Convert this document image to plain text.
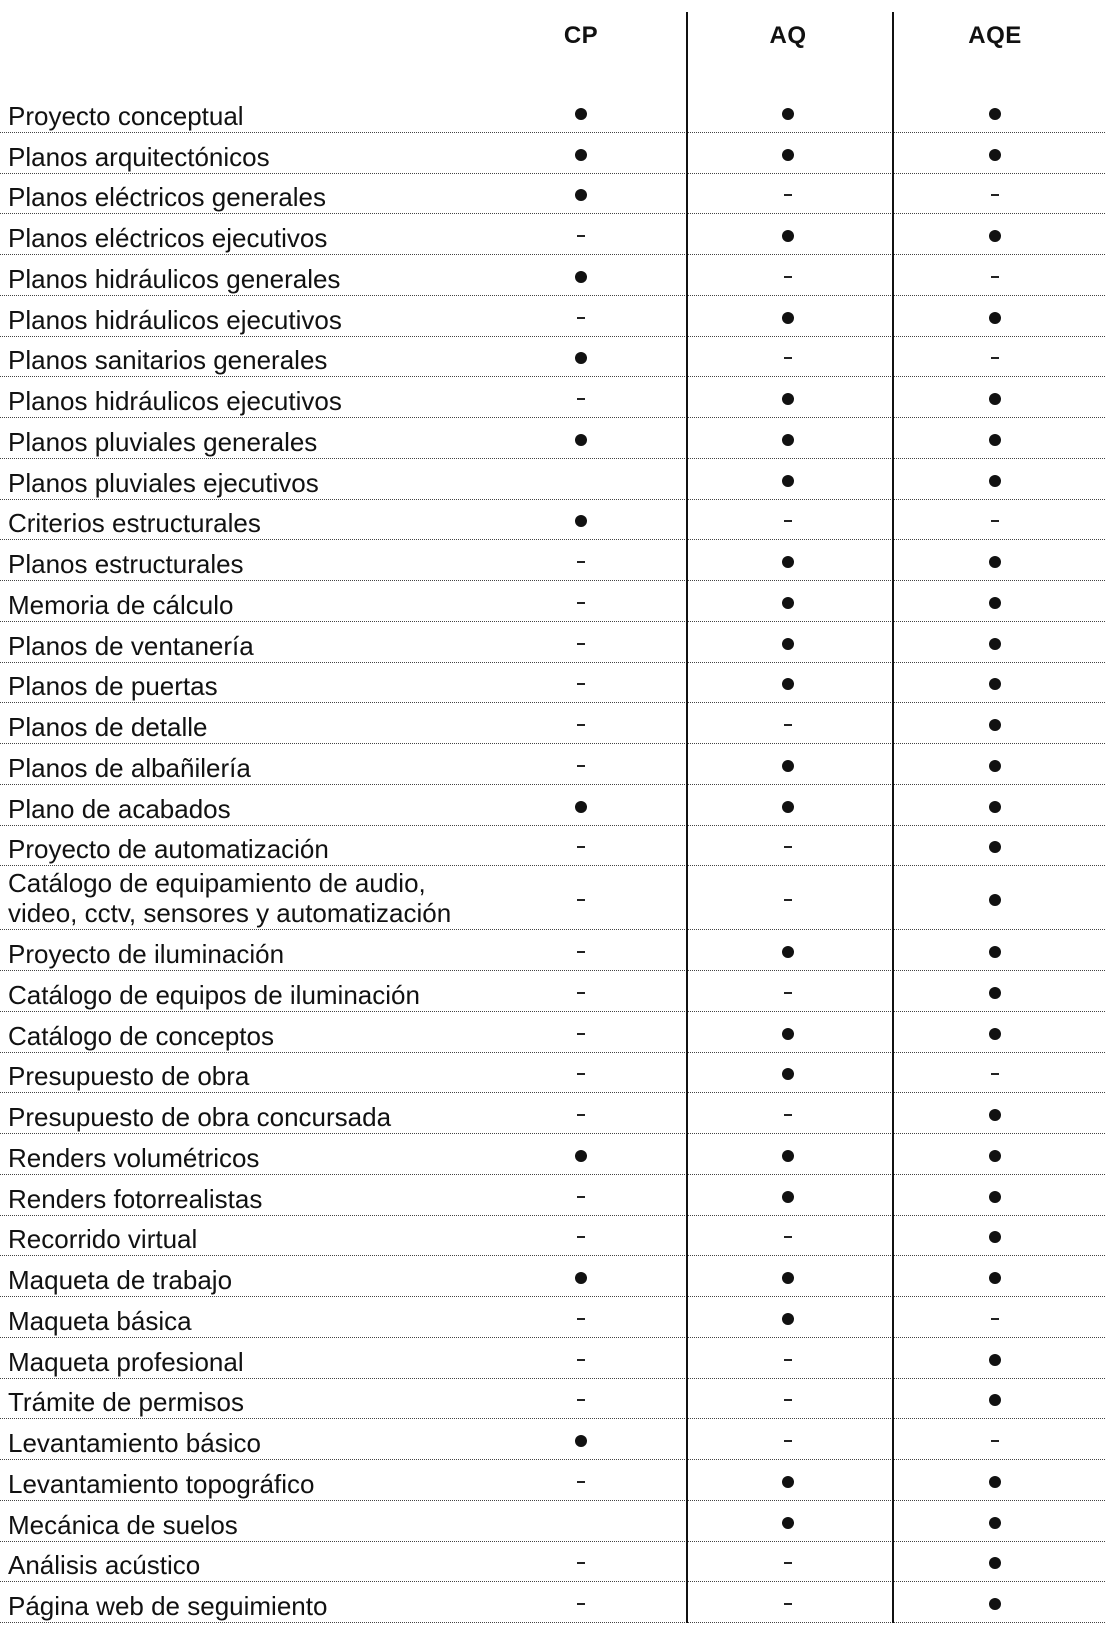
CP	AQ	AQE
Proyecto conceptual
Planos arquitectónicos
Planos eléctricos generales
Planos eléctricos ejecutivos
Planos hidráulicos generales
Planos hidráulicos ejecutivos
Planos sanitarios generales
Planos hidráulicos ejecutivos
Planos pluviales generales
Planos pluviales ejecutivos
Criterios estructurales
Planos estructurales
Memoria de cálculo
Planos de ventanería
Planos de puertas
Planos de detalle
Planos de albañilería
Plano de acabados
Proyecto de automatización
Catálogo de equipamiento de audio,
video, cctv, sensores y automatización
Proyecto de iluminación
Catálogo de equipos de iluminación
Catálogo de conceptos
Presupuesto de obra
Presupuesto de obra concursada
Renders volumétricos
Renders fotorrealistas
Recorrido virtual
Maqueta de trabajo
Maqueta básica
Maqueta profesional
Trámite de permisos
Levantamiento básico
Levantamiento topográfico
Mecánica de suelos
Análisis acústico
Página web de seguimiento
